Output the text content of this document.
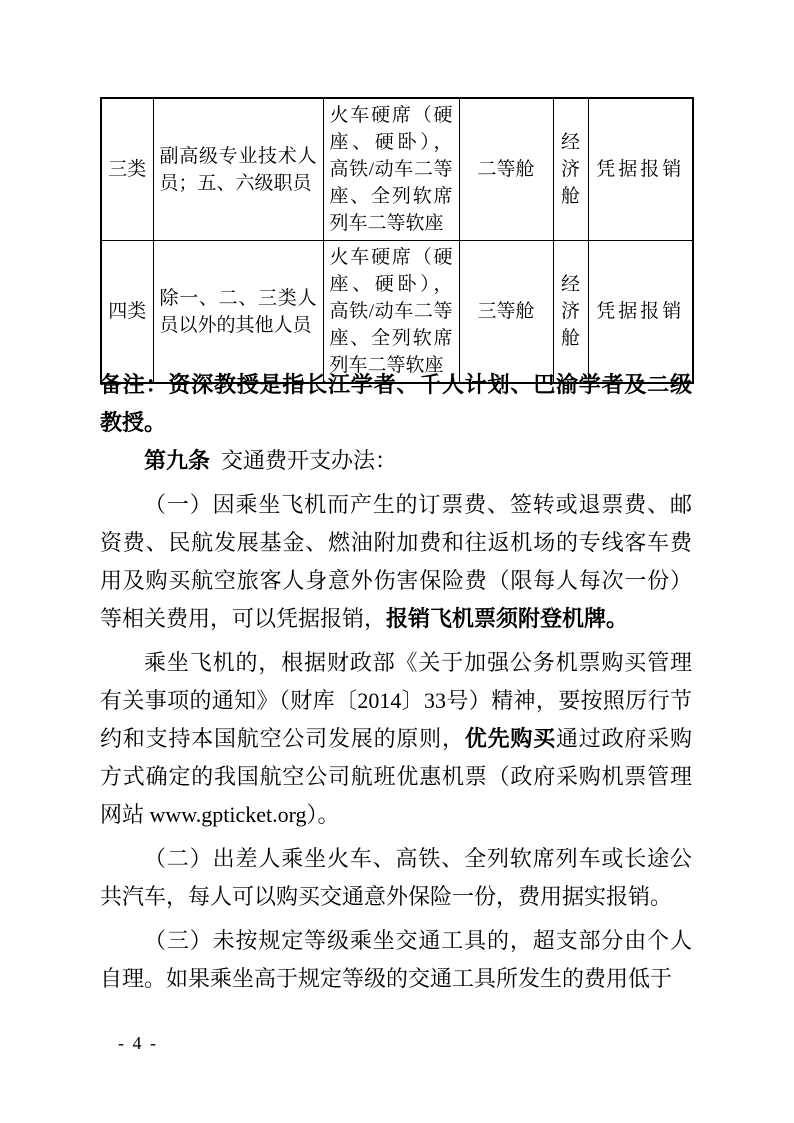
三类	副高级专业技术人员；五、六级职员	火车硬席（硬座、硬卧），高铁/动车二等座、全列软席列车二等软座	二等舱	经济舱	凭据报销
四类	除一、二、三类人员以外的其他人员	火车硬席（硬座、硬卧），高铁/动车二等座、全列软席列车二等软座	三等舱	经济舱	凭据报销

备注：资深教授是指长江学者、千人计划、巴渝学者及二级教授。

第九条 交通费开支办法：

（一）因乘坐飞机而产生的订票费、签转或退票费、邮资费、民航发展基金、燃油附加费和往返机场的专线客车费用及购买航空旅客人身意外伤害保险费（限每人每次一份）等相关费用，可以凭据报销，报销飞机票须附登机牌。

乘坐飞机的，根据财政部《关于加强公务机票购买管理有关事项的通知》（财库〔2014〕33号）精神，要按照厉行节约和支持本国航空公司发展的原则，优先购买通过政府采购方式确定的我国航空公司航班优惠机票（政府采购机票管理网站 www.gpticket.org）。

（二）出差人乘坐火车、高铁、全列软席列车或长途公共汽车，每人可以购买交通意外保险一份，费用据实报销。

（三）未按规定等级乘坐交通工具的，超支部分由个人自理。如果乘坐高于规定等级的交通工具所发生的费用低于

- 4 -
